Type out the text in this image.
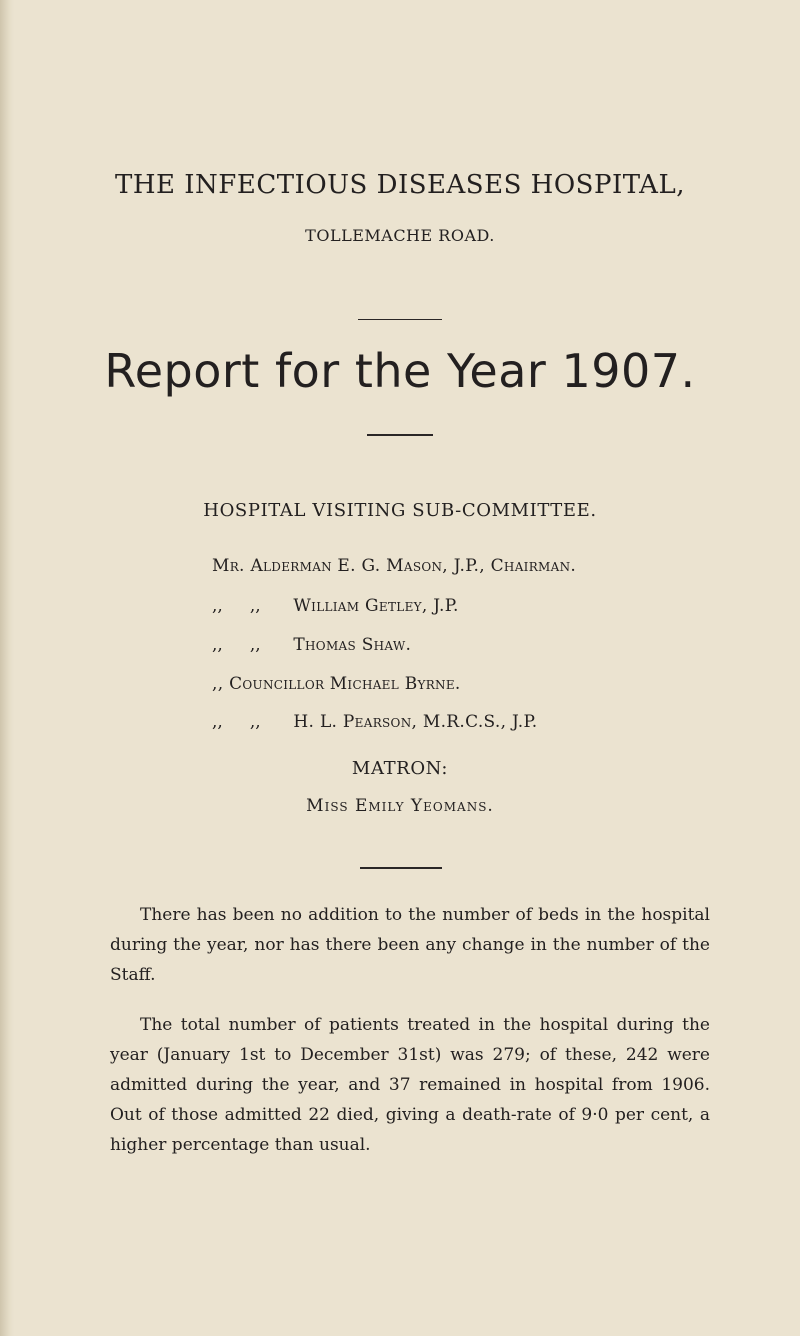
THE INFECTIOUS DISEASES HOSPITAL,
TOLLEMACHE ROAD.
Report for the Year 1907.
HOSPITAL VISITING SUB-COMMITTEE.
Mr. Alderman E. G. Mason, J.P., Chairman.
,,     ,, William Getley, J.P.
,,     ,, Thomas Shaw.
,, Councillor Michael Byrne.
,,     ,, H. L. Pearson, M.R.C.S., J.P.
MATRON:
Miss Emily Yeomans.
There has been no addition to the number of beds in the hospital during the year, nor has there been any change in the number of the Staff.
The total number of patients treated in the hospital during the year (January 1st to December 31st) was 279; of these, 242 were admitted during the year, and 37 remained in hospital from 1906. Out of those admitted 22 died, giving a death-rate of 9·0 per cent, a higher percentage than usual.
